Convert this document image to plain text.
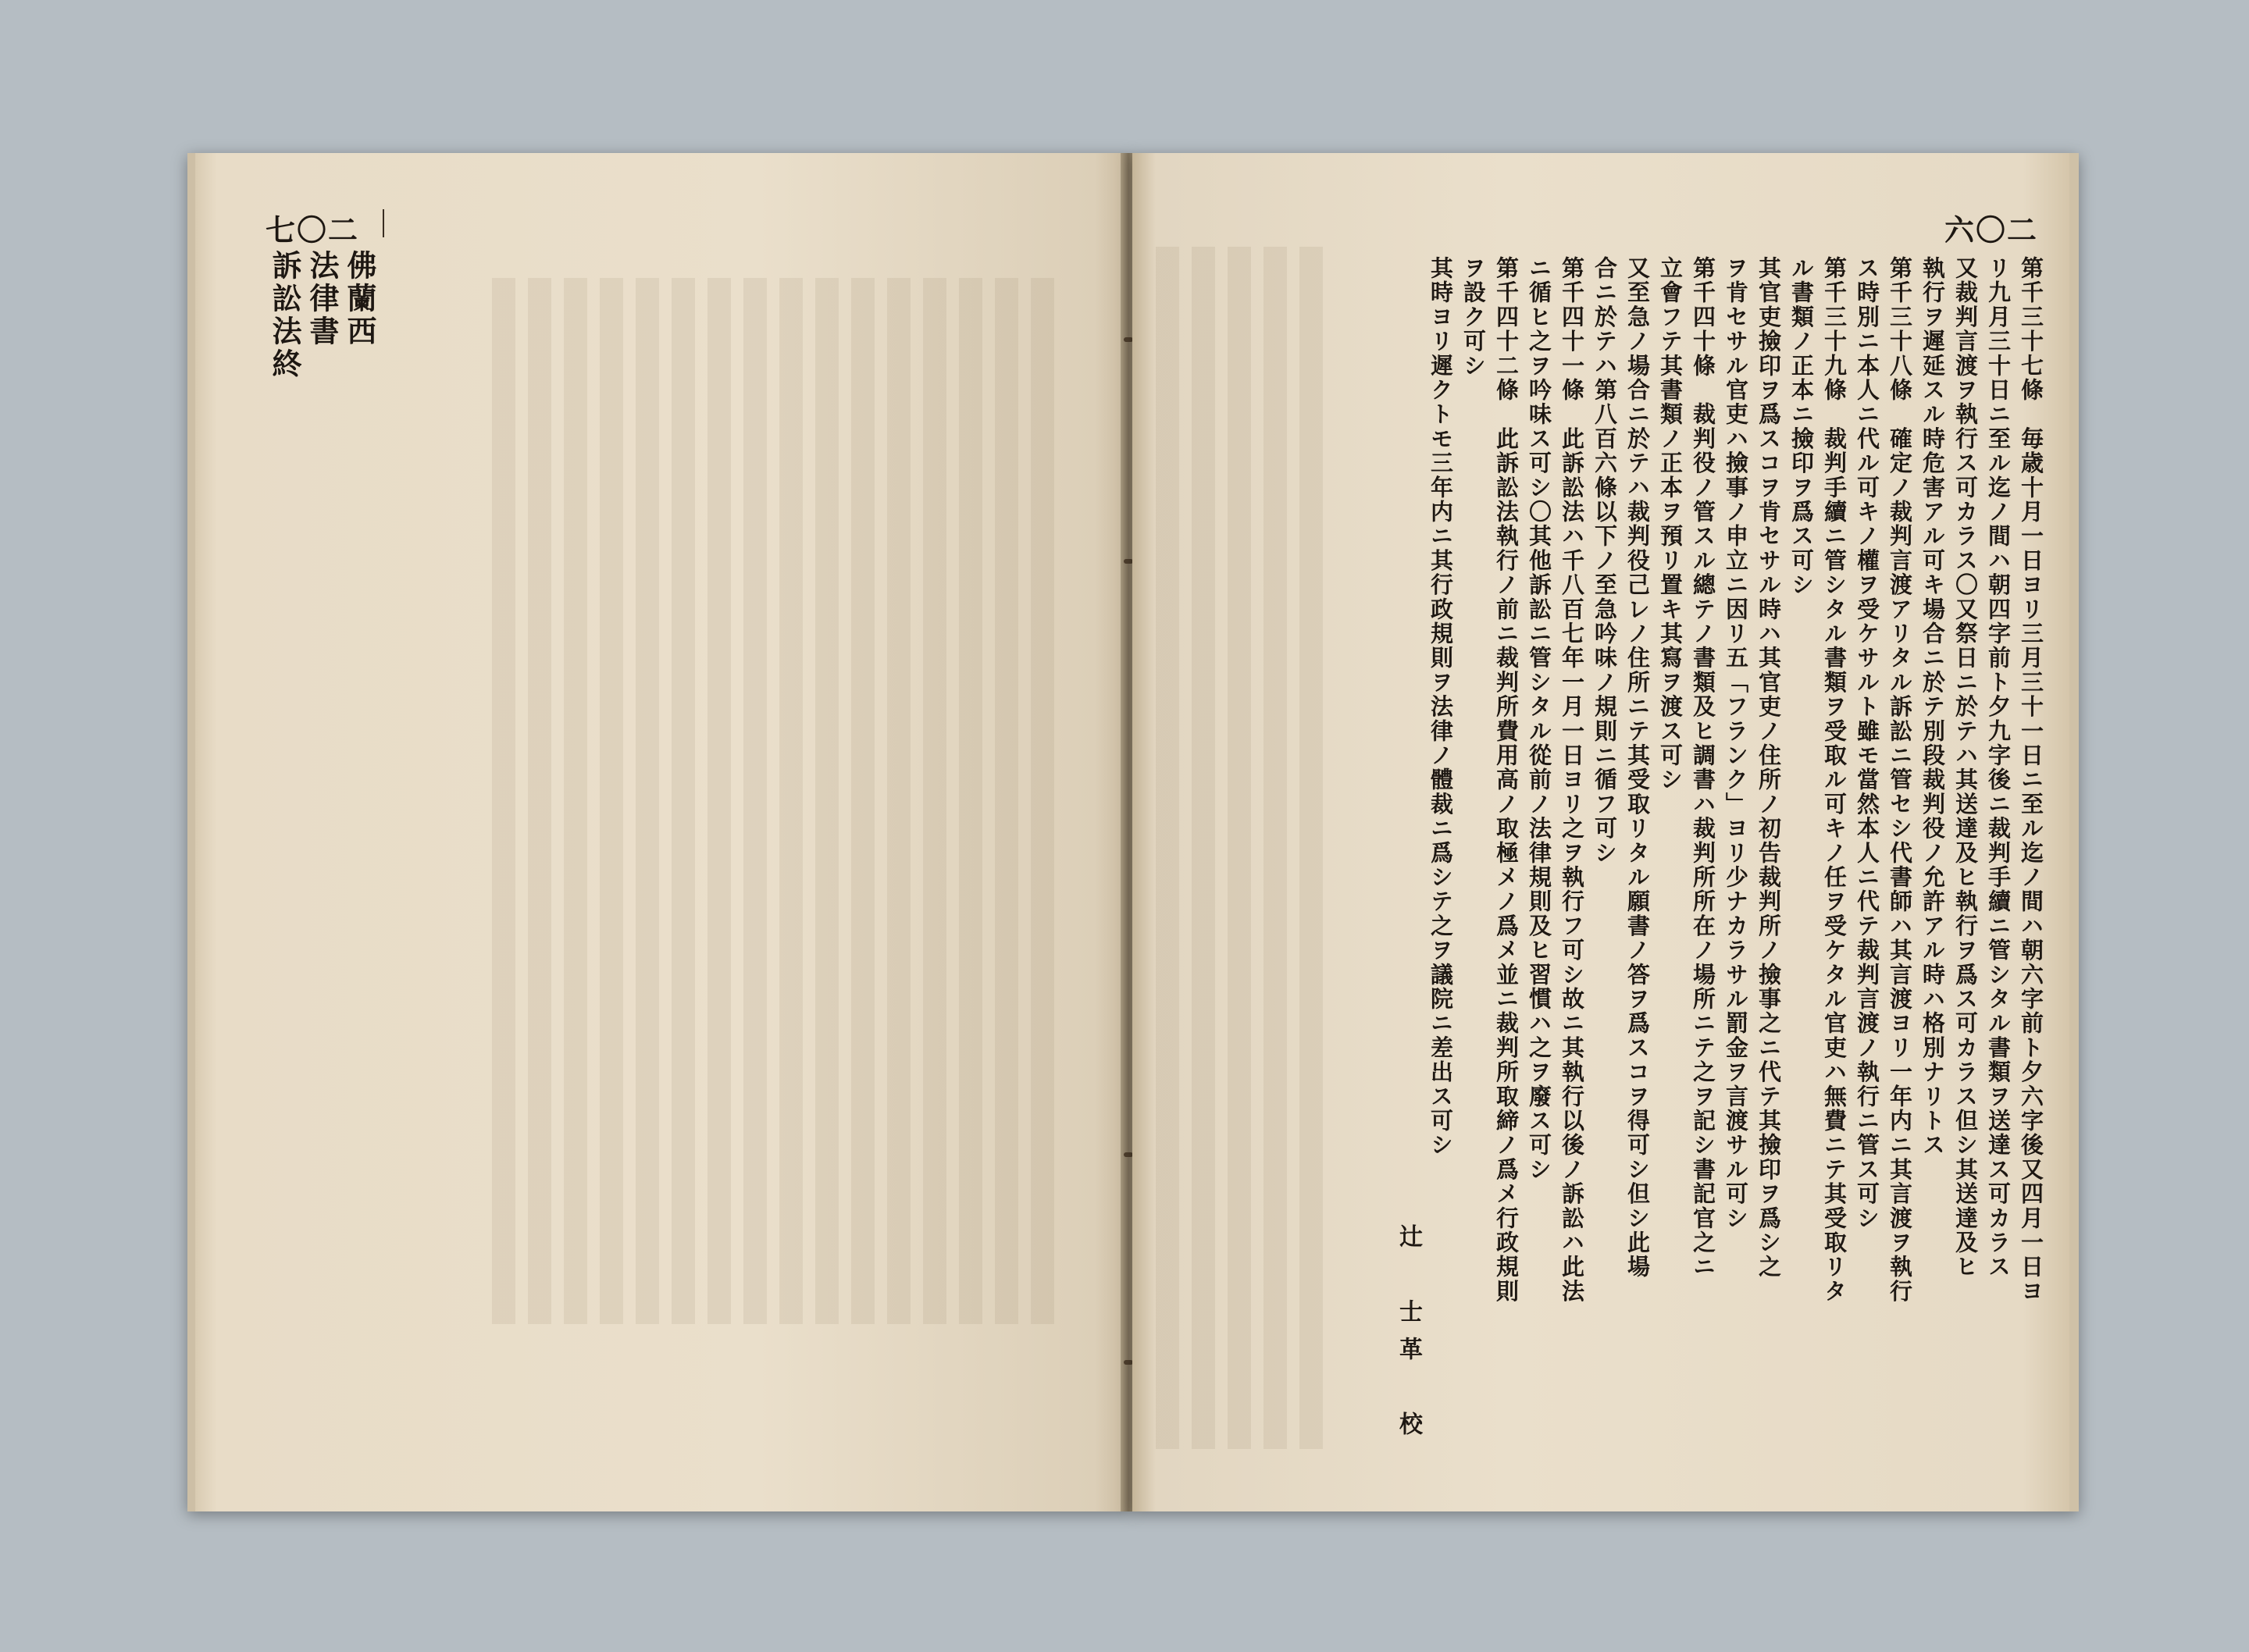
七〇二
佛蘭西
法律書
訴訟法終
六〇二

第千三十七條　毎歳十月一日ヨリ三月三十一日ニ至ル迄ノ間ハ朝六字前ト夕六字後又四月一日ヨ

リ九月三十日ニ至ル迄ノ間ハ朝四字前ト夕九字後ニ裁判手續ニ管シタル書類ヲ送達ス可カラス

又裁判言渡ヲ執行ス可カラス〇又祭日ニ於テハ其送達及ヒ執行ヲ爲ス可カラス但シ其送達及ヒ

執行ヲ遲延スル時危害アル可キ場合ニ於テ別段裁判役ノ允許アル時ハ格別ナリトス

第千三十八條　確定ノ裁判言渡アリタル訴訟ニ管セシ代書師ハ其言渡ヨリ一年内ニ其言渡ヲ執行

ス時別ニ本人ニ代ル可キノ權ヲ受ケサルト雖モ當然本人ニ代テ裁判言渡ノ執行ニ管ス可シ

第千三十九條　裁判手續ニ管シタル書類ヲ受取ル可キノ任ヲ受ケタル官吏ハ無費ニテ其受取リタ

ル書類ノ正本ニ撿印ヲ爲ス可シ

其官吏撿印ヲ爲スコヲ肯セサル時ハ其官吏ノ住所ノ初告裁判所ノ撿事之ニ代テ其撿印ヲ爲シ之

ヲ肯セサル官吏ハ撿事ノ申立ニ因リ五「フランク」ヨリ少ナカラサル罰金ヲ言渡サル可シ

第千四十條　裁判役ノ管スル總テノ書類及ヒ調書ハ裁判所所在ノ場所ニテ之ヲ記シ書記官之ニ

立會フテ其書類ノ正本ヲ預リ置キ其寫ヲ渡ス可シ

又至急ノ場合ニ於テハ裁判役己レノ住所ニテ其受取リタル願書ノ答ヲ爲スコヲ得可シ但シ此場

合ニ於テハ第八百六條以下ノ至急吟味ノ規則ニ循フ可シ

第千四十一條　此訴訟法ハ千八百七年一月一日ヨリ之ヲ執行フ可シ故ニ其執行以後ノ訴訟ハ此法

ニ循ヒ之ヲ吟味ス可シ〇其他訴訟ニ管シタル從前ノ法律規則及ヒ習慣ハ之ヲ廢ス可シ

第千四十二條　此訴訟法執行ノ前ニ裁判所費用高ノ取極メノ爲メ並ニ裁判所取締ノ爲メ行政規則

ヲ設ク可シ

其時ヨリ遲クトモ三年内ニ其行政規則ヲ法律ノ體裁ニ爲シテ之ヲ議院ニ差出ス可シ

辻　士革　校
